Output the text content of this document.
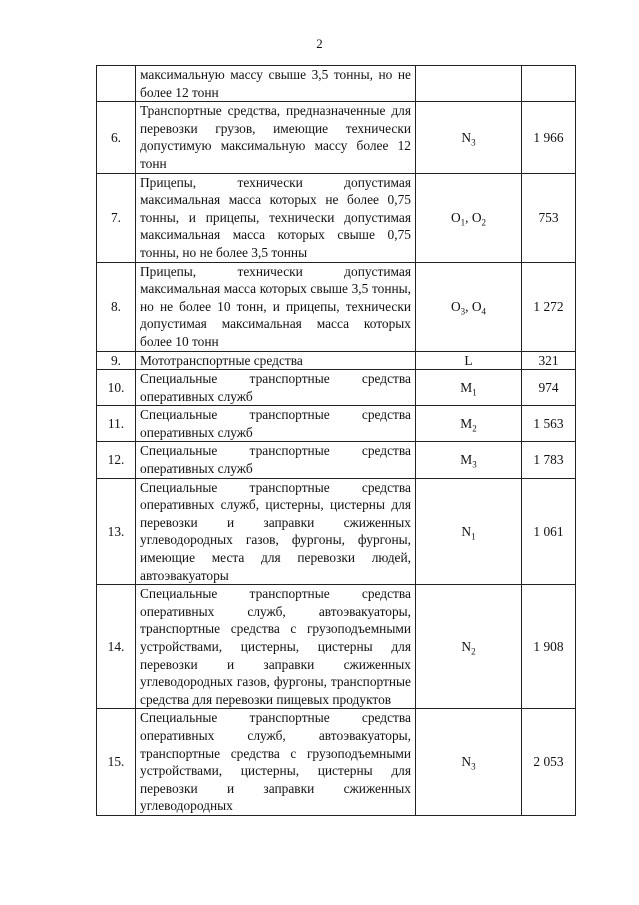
2
	максимальную массу свыше 3,5 тонны, но не более 12 тонн		
6.	Транспортные средства, предназначенные для перевозки грузов, имеющие технически допустимую максимальную массу более 12 тонн	$N_3$	1 966
7.	Прицепы, технически допустимая максимальная масса которых не более 0,75 тонны, и прицепы, технически допустимая максимальная масса которых свыше 0,75 тонны, но не более 3,5 тонны	$O_1$, $O_2$	753
8.	Прицепы, технически допустимая максимальная масса которых свыше 3,5 тонны, но не более 10 тонн, и прицепы, технически допустимая максимальная масса которых более 10 тонн	$O_3$, $O_4$	1 272
9.	Мототранспортные средства	L	321
10.	Специальные транспортные средства оперативных служб	$M_1$	974
11.	Специальные транспортные средства оперативных служб	$M_2$	1 563
12.	Специальные транспортные средства оперативных служб	$M_3$	1 783
13.	Специальные транспортные средства оперативных служб, цистерны, цистерны для перевозки и заправки сжиженных углеводородных газов, фургоны, фургоны, имеющие места для перевозки людей, автоэвакуаторы	$N_1$	1 061
14.	Специальные транспортные средства оперативных служб, автоэвакуаторы, транспортные средства с грузоподъемными устройствами, цистерны, цистерны для перевозки и заправки сжиженных углеводородных газов, фургоны, транспортные средства для перевозки пищевых продуктов	$N_2$	1 908
15.	Специальные транспортные средства оперативных служб, автоэвакуаторы, транспортные средства с грузоподъемными устройствами, цистерны, цистерны для перевозки и заправки сжиженных углеводородных	$N_3$	2 053
